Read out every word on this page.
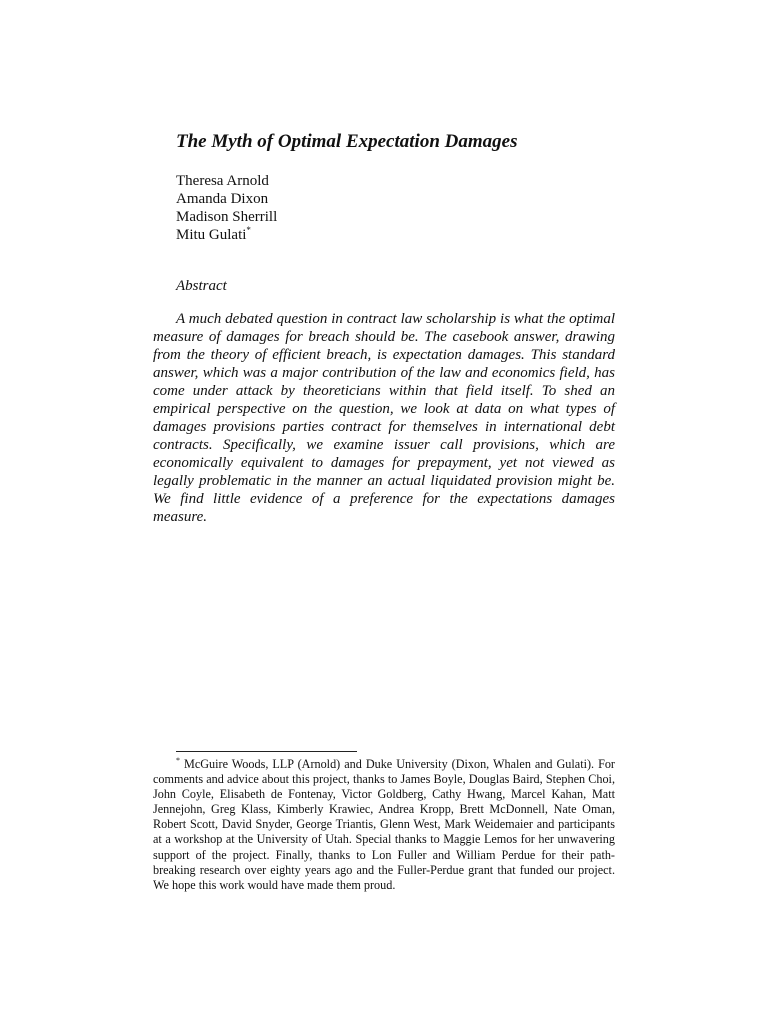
The Myth of Optimal Expectation Damages
Theresa Arnold
Amanda Dixon
Madison Sherrill
Mitu Gulati*
Abstract

A much debated question in contract law scholarship is what the optimal measure of damages for breach should be. The casebook answer, drawing from the theory of efficient breach, is expectation damages. This standard answer, which was a major contribution of the law and economics field, has come under attack by theoreticians within that field itself. To shed an empirical perspective on the question, we look at data on what types of damages provisions parties contract for themselves in international debt contracts. Specifically, we examine issuer call provisions, which are economically equivalent to damages for prepayment, yet not viewed as legally problematic in the manner an actual liquidated provision might be. We find little evidence of a preference for the expectations damages measure.

* McGuire Woods, LLP (Arnold) and Duke University (Dixon, Whalen and Gulati). For comments and advice about this project, thanks to James Boyle, Douglas Baird, Stephen Choi, John Coyle, Elisabeth de Fontenay, Victor Goldberg, Cathy Hwang, Marcel Kahan, Matt Jennejohn, Greg Klass, Kimberly Krawiec, Andrea Kropp, Brett McDonnell, Nate Oman, Robert Scott, David Snyder, George Triantis, Glenn West, Mark Weidemaier and participants at a workshop at the University of Utah. Special thanks to Maggie Lemos for her unwavering support of the project. Finally, thanks to Lon Fuller and William Perdue for their path-breaking research over eighty years ago and the Fuller-Perdue grant that funded our project. We hope this work would have made them proud.
